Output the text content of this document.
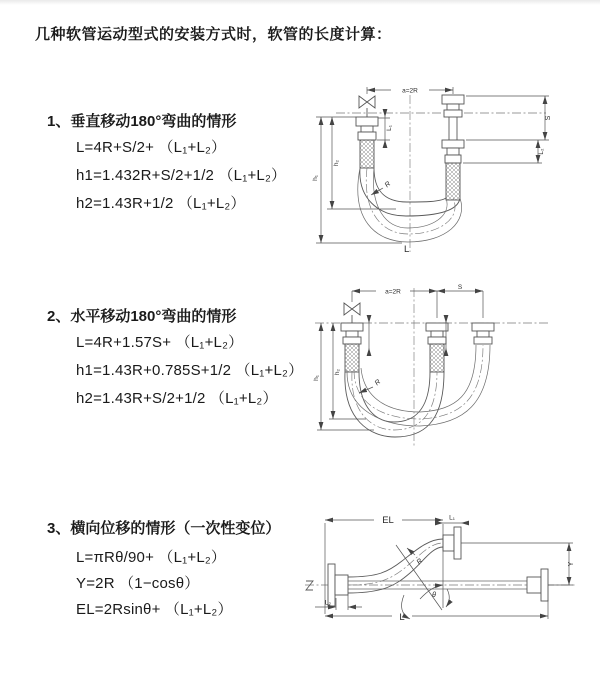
几种软管运动型式的安装方式时，软管的长度计算：
1、垂直移动180°弯曲的情形
L=4R+S/2+ （L₁+L₂）
h1=1.432R+S/2+1/2 （L₁+L₂）
h2=1.43R+1/2 （L₁+L₂）
2、水平移动180°弯曲的情形
L=4R+1.57S+ （L₁+L₂）
h1=1.43R+0.785S+1/2 （L₁+L₂）
h2=1.43R+S/2+1/2 （L₁+L₂）
3、横向位移的情形（一次性变位）
L=πRθ/90+ （L₁+L₂）
Y=2R （1−cosθ）
EL=2Rsinθ+ （L₁+L₂）
a=2R
S
L₂
L₁
h₁
h₂
R
L
a=2R
S
h₁
h₂
R
θ
EL	L₁
Y
L
L₂
R
